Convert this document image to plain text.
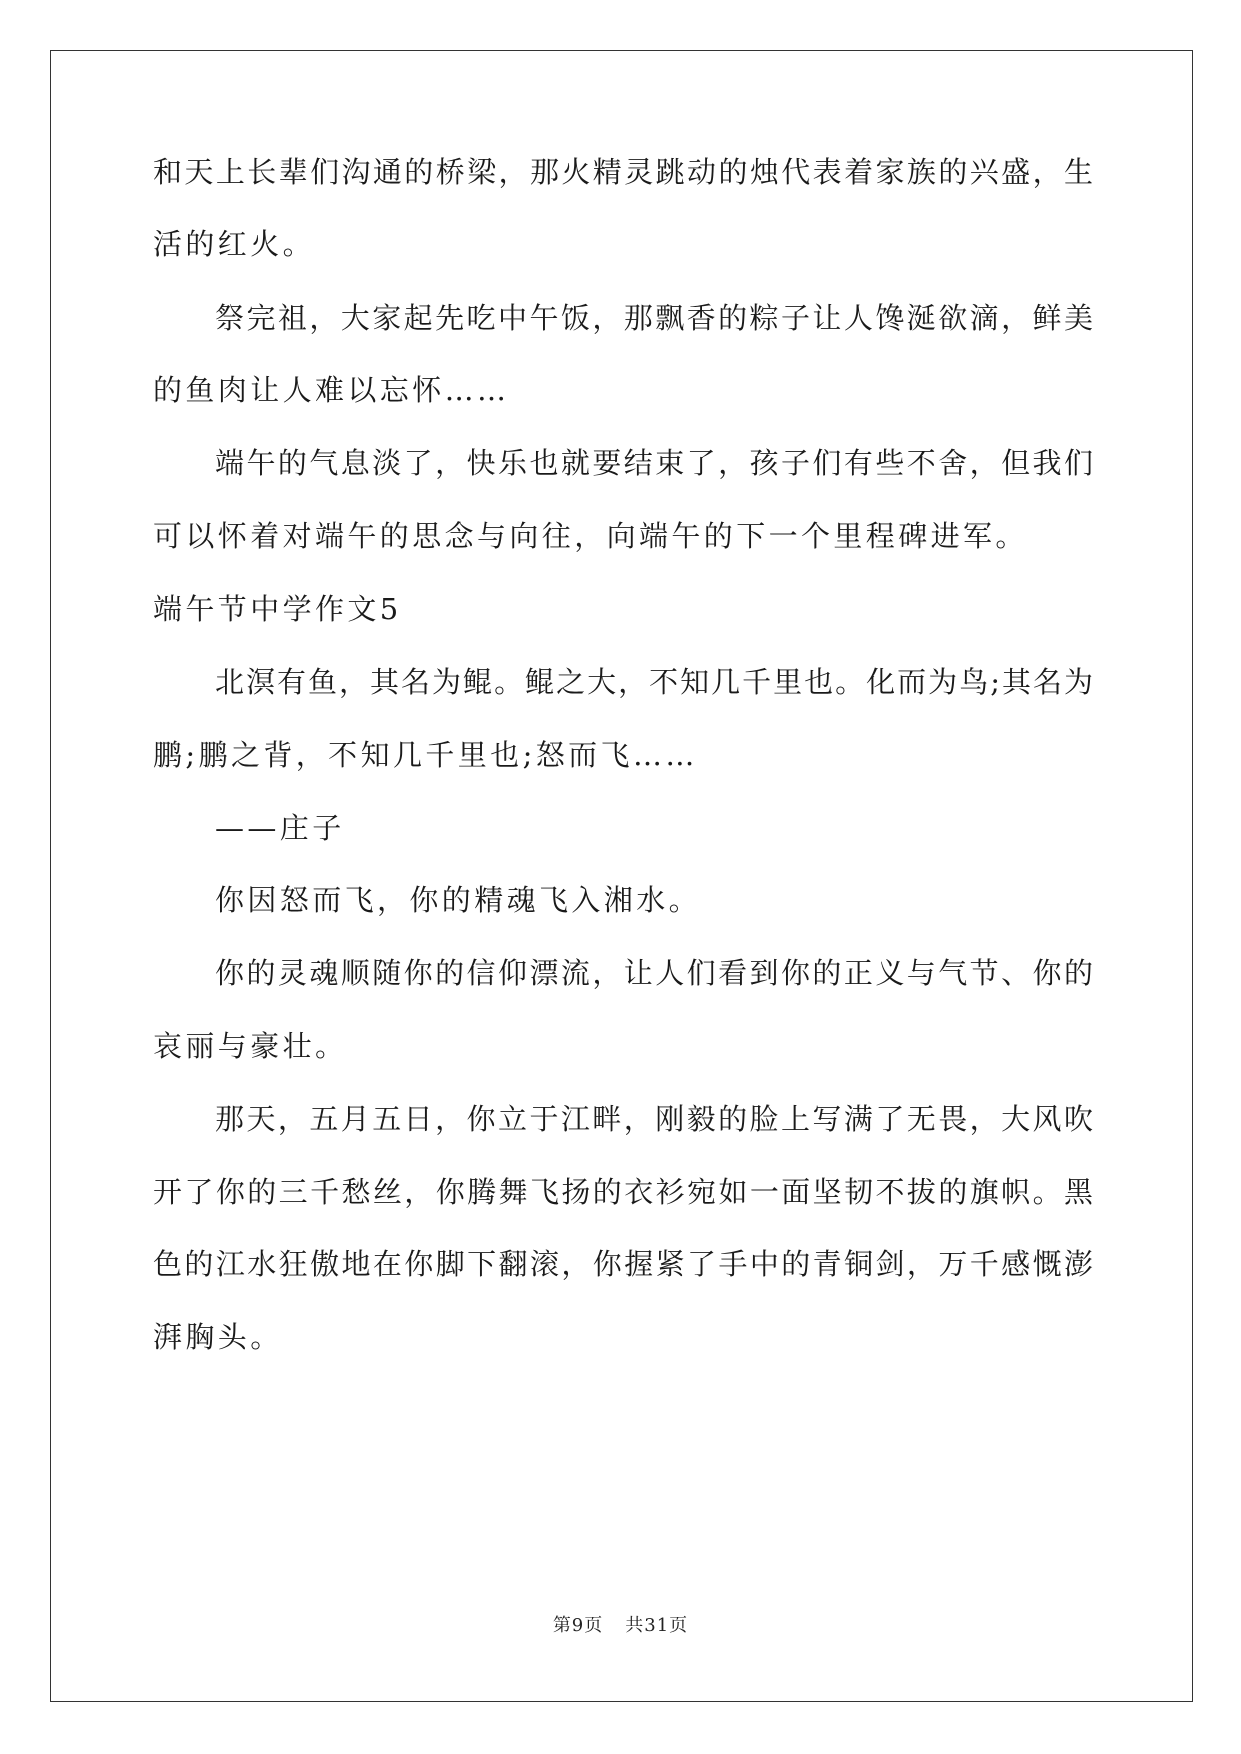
和天上长辈们沟通的桥梁，那火精灵跳动的烛代表着家族的兴盛，生
活的红火。
祭完祖，大家起先吃中午饭，那飘香的粽子让人馋涎欲滴，鲜美
的鱼肉让人难以忘怀……
端午的气息淡了，快乐也就要结束了，孩子们有些不舍，但我们
可以怀着对端午的思念与向往，向端午的下一个里程碑进军。
端午节中学作文5
北溟有鱼，其名为鲲。鲲之大，不知几千里也。化而为鸟;其名为
鹏;鹏之背，不知几千里也;怒而飞……
——庄子
你因怒而飞，你的精魂飞入湘水。
你的灵魂顺随你的信仰漂流，让人们看到你的正义与气节、你的
哀丽与豪壮。
那天，五月五日，你立于江畔，刚毅的脸上写满了无畏，大风吹
开了你的三千愁丝，你腾舞飞扬的衣衫宛如一面坚韧不拔的旗帜。黑
色的江水狂傲地在你脚下翻滚，你握紧了手中的青铜剑，万千感慨澎
湃胸头。
第9页 共31页
